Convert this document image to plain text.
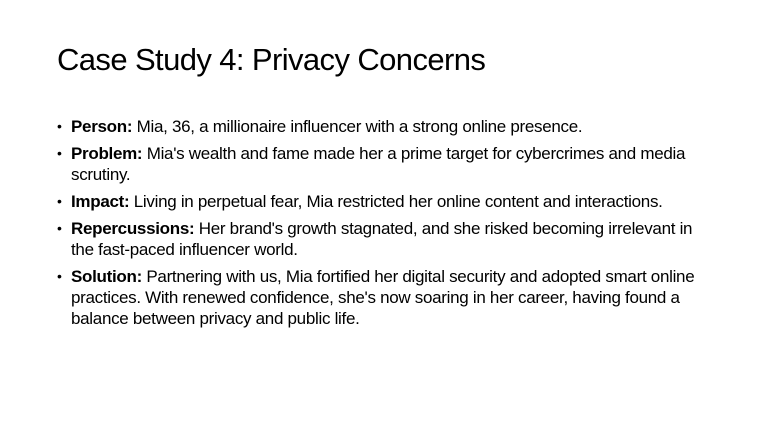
Case Study 4: Privacy Concerns
• Person: Mia, 36, a millionaire influencer with a strong online presence.
• Problem: Mia's wealth and fame made her a prime target for cybercrimes and media scrutiny.
• Impact: Living in perpetual fear, Mia restricted her online content and interactions.
• Repercussions: Her brand's growth stagnated, and she risked becoming irrelevant in the fast-paced influencer world.
• Solution: Partnering with us, Mia fortified her digital security and adopted smart online practices. With renewed confidence, she's now soaring in her career, having found a balance between privacy and public life.
